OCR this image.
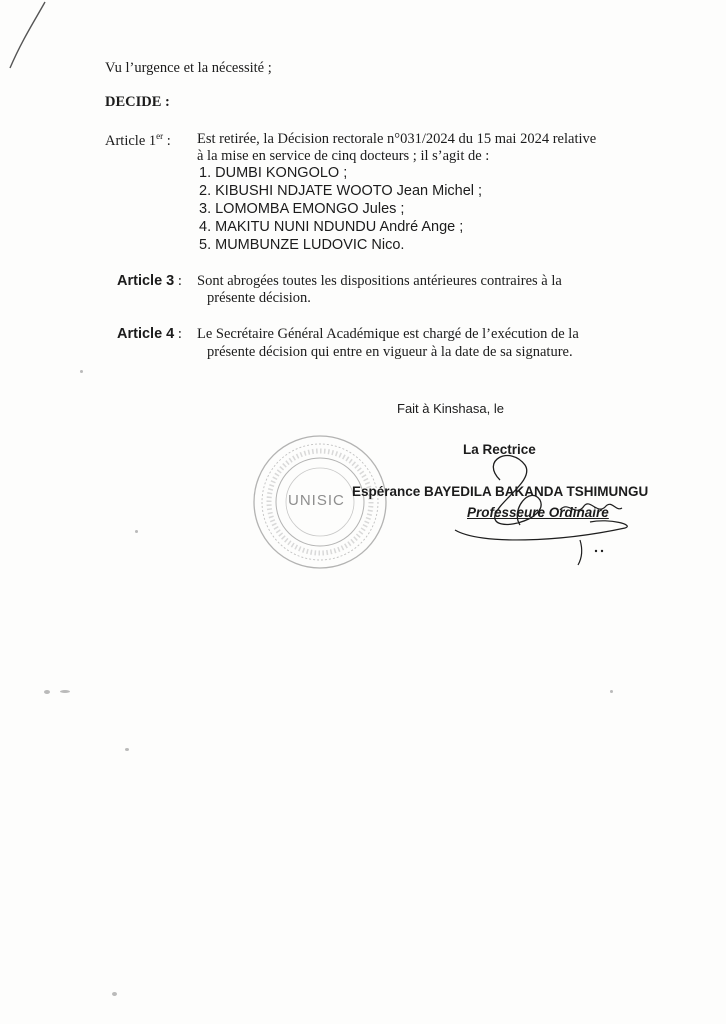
Vu l’urgence et la nécessité ;
DECIDE :
Article 1er : Est retirée, la Décision rectorale n°031/2024 du 15 mai 2024 relative
à la mise en service de cinq docteurs ; il s’agit de :
1. DUMBI KONGOLO ;
2. KIBUSHI NDJATE WOOTO Jean Michel ;
3. LOMOMBA EMONGO Jules ;
4. MAKITU NUNI NDUNDU André Ange ;
5. MUMBUNZE LUDOVIC Nico.
Article 3 : Sont abrogées toutes les dispositions antérieures contraires à la
présente décision.
Article 4 : Le Secrétaire Général Académique est chargé de l’exécution de la
présente décision qui entre en vigueur à la date de sa signature.
Fait à Kinshasa, le
UNISIC
La Rectrice
Espérance BAYEDILA BAKANDA TSHIMUNGU
Professeure Ordinaire
